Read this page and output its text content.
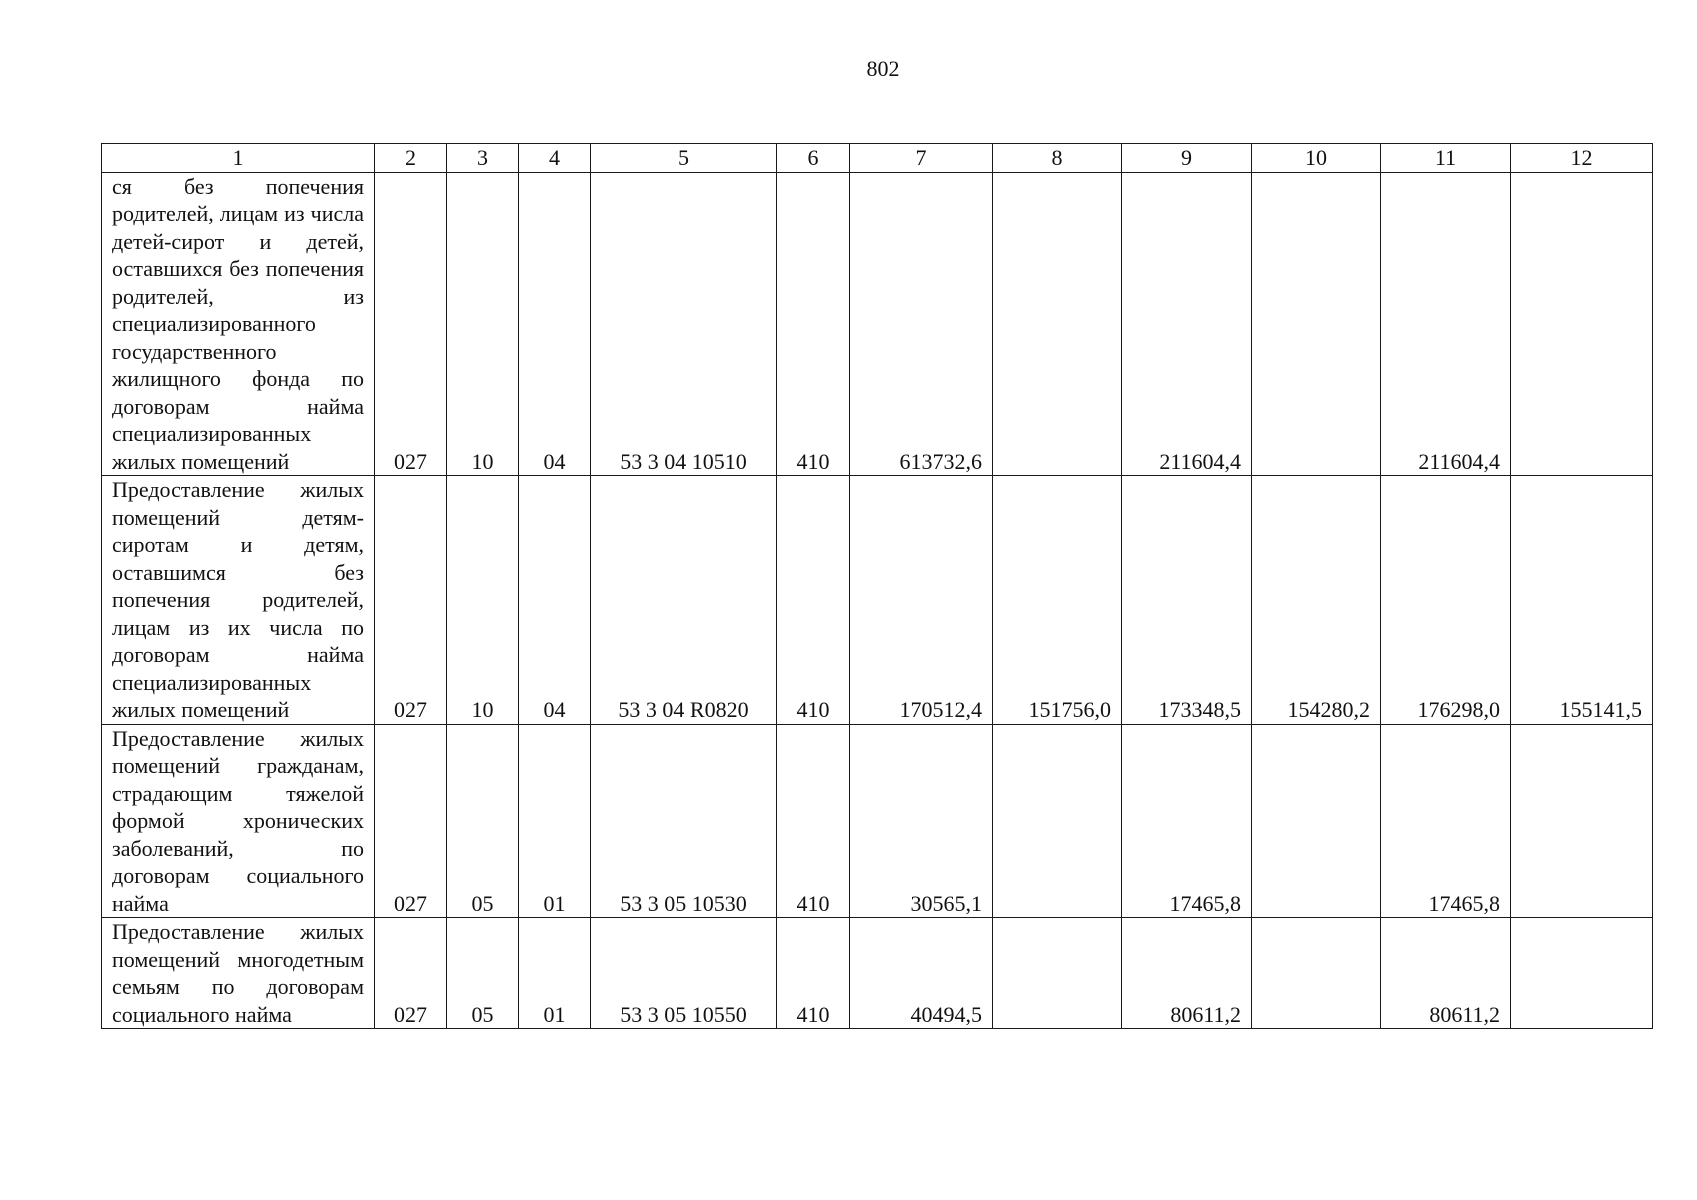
802
1	2	3	4	5	6	7	8	9	10	11	12
ся без попечения родителей, лицам из числа детей-сирот и детей, оставшихся без попечения родителей, из специализированного государственного жилищного фонда по договорам найма специализированных жилых помещений	027	10	04	53 3 04 10510	410	613732,6		211604,4		211604,4	
Предоставление жилых помещений детям-сиротам и детям, оставшимся без попечения родителей, лицам из их числа по договорам найма специализированных жилых помещений	027	10	04	53 3 04 R0820	410	170512,4	151756,0	173348,5	154280,2	176298,0	155141,5
Предоставление жилых помещений гражданам, страдающим тяжелой формой хронических заболеваний, по договорам социального найма	027	05	01	53 3 05 10530	410	30565,1		17465,8		17465,8	
Предоставление жилых помещений многодетным семьям по договорам социального найма	027	05	01	53 3 05 10550	410	40494,5		80611,2		80611,2	
